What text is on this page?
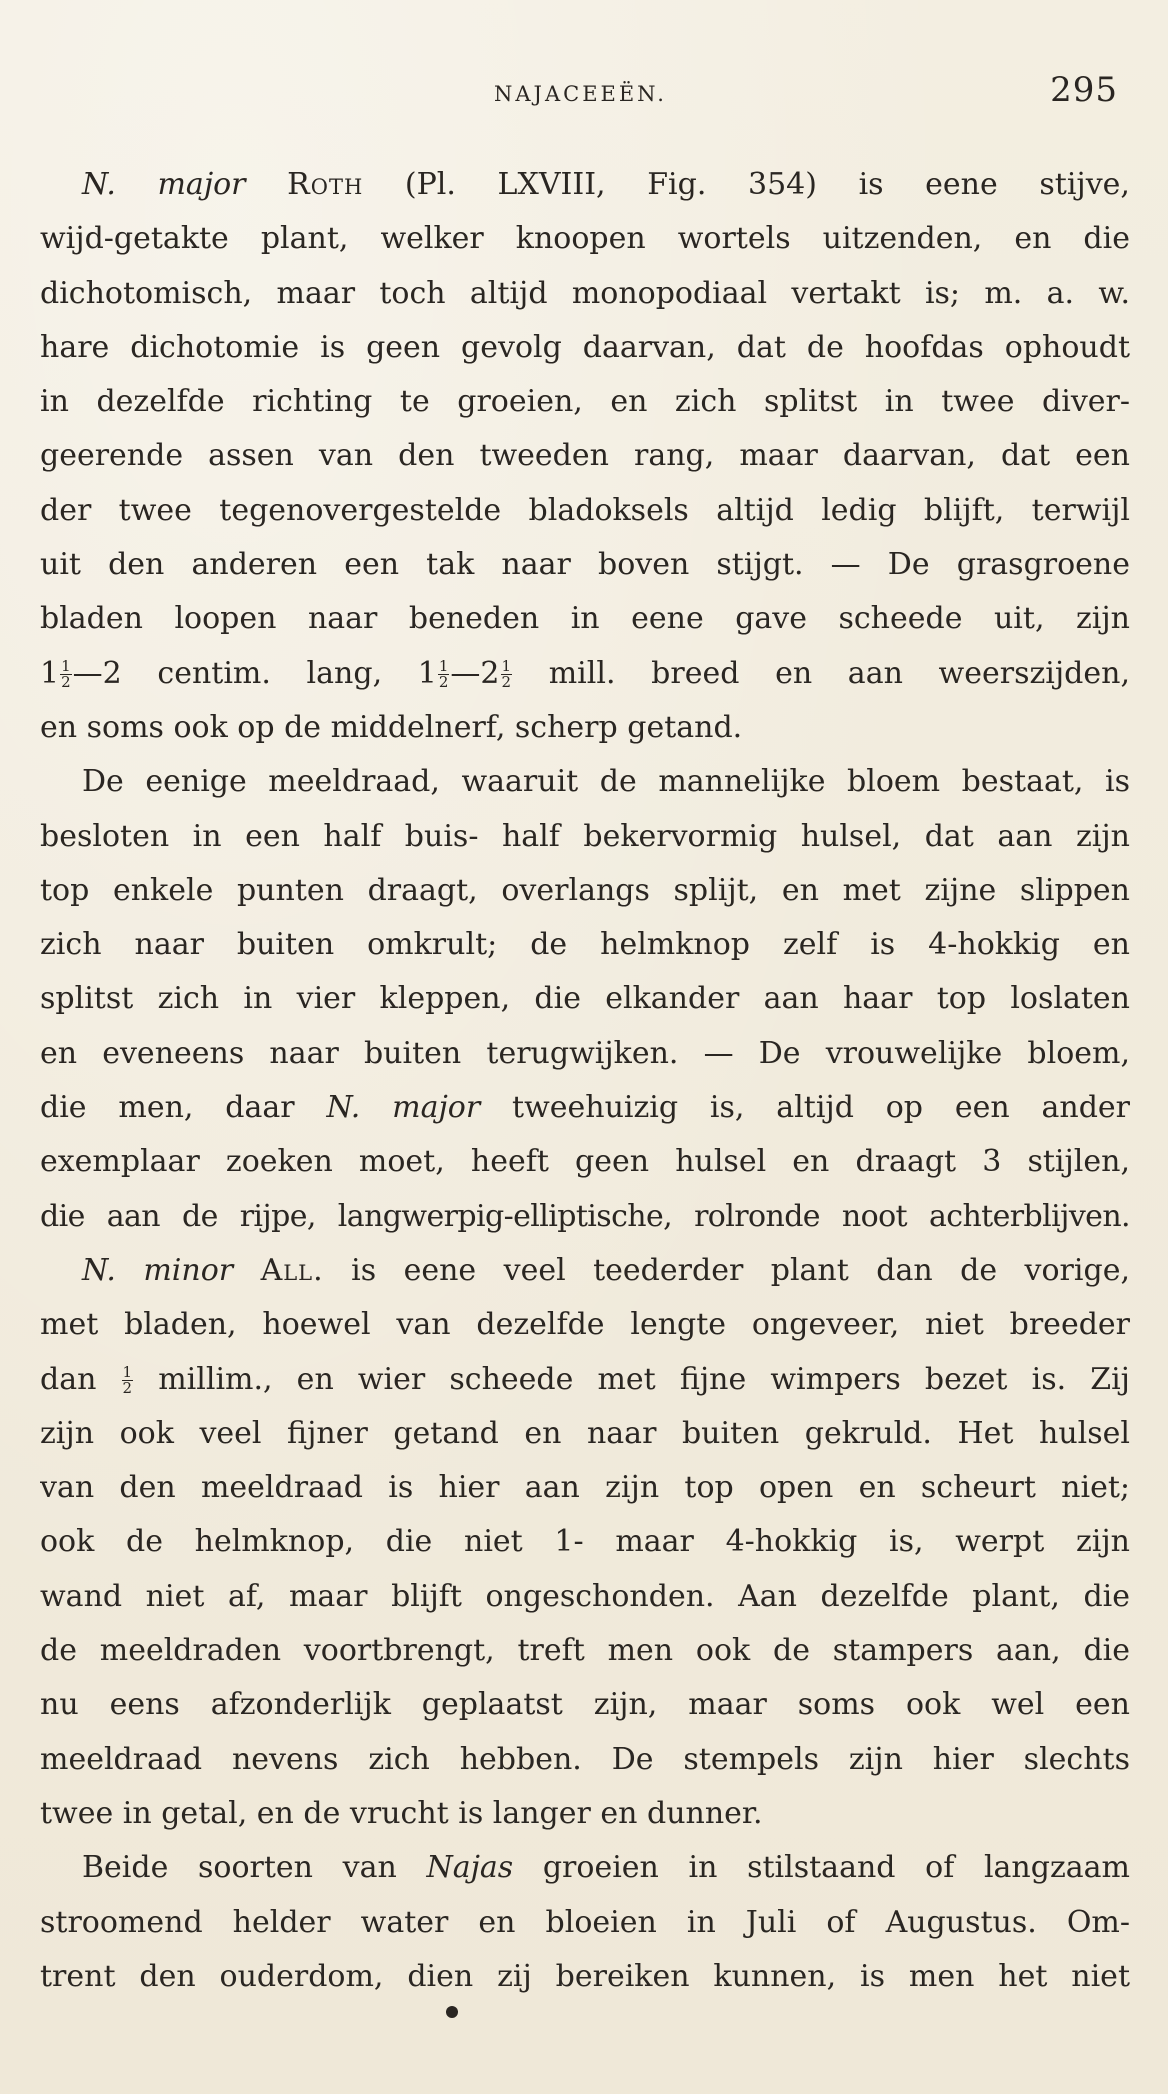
NAJACEEËN.	295
N. major Roth (Pl. LXVIII, Fig. 354) is eene stijve,
wijd-getakte plant, welker knoopen wortels uitzenden, en die
dichotomisch, maar toch altijd monopodiaal vertakt is; m. a. w.
hare dichotomie is geen gevolg daarvan, dat de hoofdas ophoudt
in dezelfde richting te groeien, en zich splitst in twee diver-
geerende assen van den tweeden rang, maar daarvan, dat een
der twee tegenovergestelde bladoksels altijd ledig blijft, terwijl
uit den anderen een tak naar boven stijgt. — De grasgroene
bladen loopen naar beneden in eene gave scheede uit, zijn
$1 \frac{1}{2}$ —2 centim. lang, $1 \frac{1}{2}$ —2 $\frac{1}{2}$ mill. breed en aan weerszijden,
en soms ook op de middelnerf, scherp getand.
De eenige meeldraad, waaruit de mannelijke bloem bestaat, is
besloten in een half buis- half bekervormig hulsel, dat aan zijn
top enkele punten draagt, overlangs splijt, en met zijne slippen
zich naar buiten omkrult; de helmknop zelf is 4-hokkig en
splitst zich in vier kleppen, die elkander aan haar top loslaten
en eveneens naar buiten terugwijken. — De vrouwelijke bloem,
die men, daar N. major tweehuizig is, altijd op een ander
exemplaar zoeken moet, heeft geen hulsel en draagt 3 stijlen,
die aan de rijpe, langwerpig-elliptische, rolronde noot achterblijven.
N. minor All. is eene veel teederder plant dan de vorige,
met bladen, hoewel van dezelfde lengte ongeveer, niet breeder
dan $\frac{1}{2} millim$., en wier scheede met fijne wimpers bezet is. Zij
zijn ook veel fijner getand en naar buiten gekruld. Het hulsel
van den meeldraad is hier aan zijn top open en scheurt niet;
ook de helmknop, die niet 1- maar 4-hokkig is, werpt zijn
wand niet af, maar blijft ongeschonden. Aan dezelfde plant, die
de meeldraden voortbrengt, treft men ook de stampers aan, die
nu eens afzonderlijk geplaatst zijn, maar soms ook wel een
meeldraad nevens zich hebben. De stempels zijn hier slechts
twee in getal, en de vrucht is langer en dunner.
Beide soorten van Najas groeien in stilstaand of langzaam
stroomend helder water en bloeien in Juli of Augustus. Om-
trent den ouderdom, dien zij bereiken kunnen, is men het niet
